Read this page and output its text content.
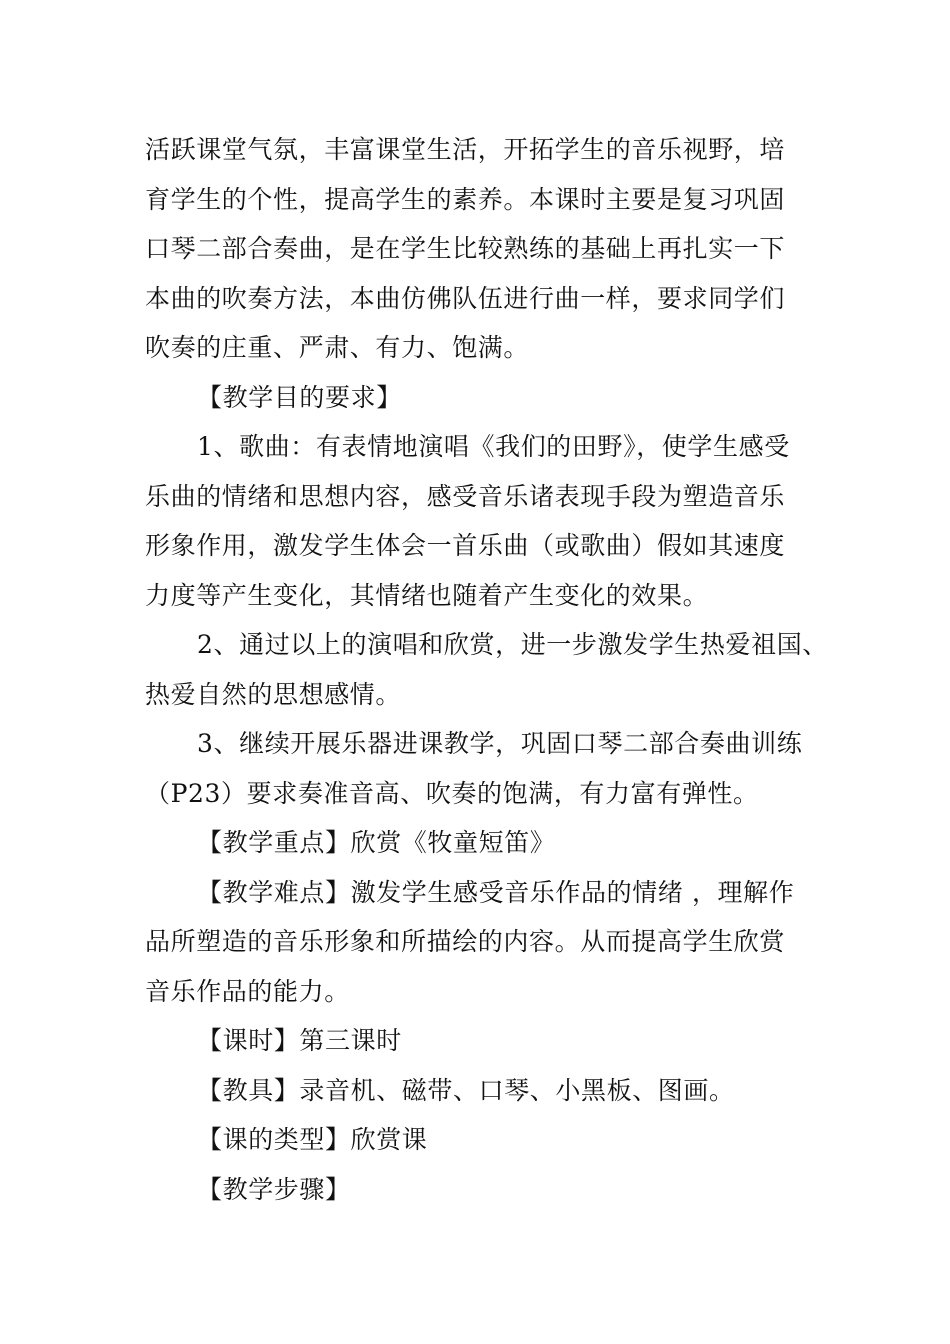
活跃课堂气氛，丰富课堂生活，开拓学生的音乐视野，培
育学生的个性，提高学生的素养。本课时主要是复习巩固
口琴二部合奏曲，是在学生比较熟练的基础上再扎实一下
本曲的吹奏方法，本曲仿佛队伍进行曲一样，要求同学们
吹奏的庄重、严肃、有力、饱满。

【教学目的要求】

1、歌曲：有表情地演唱《我们的田野》，使学生感受
乐曲的情绪和思想内容，感受音乐诸表现手段为塑造音乐
形象作用，激发学生体会一首乐曲（或歌曲）假如其速度
力度等产生变化，其情绪也随着产生变化的效果。

2、通过以上的演唱和欣赏，进一步激发学生热爱祖国、
热爱自然的思想感情。

3、继续开展乐器进课教学，巩固口琴二部合奏曲训练
（P23）要求奏准音高、吹奏的饱满，有力富有弹性。

【教学重点】欣赏《牧童短笛》

【教学难点】激发学生感受音乐作品的情绪 ，理解作
品所塑造的音乐形象和所描绘的内容。从而提高学生欣赏
音乐作品的能力。

【课时】第三课时

【教具】录音机、磁带、口琴、小黑板、图画。

【课的类型】欣赏课

【教学步骤】
